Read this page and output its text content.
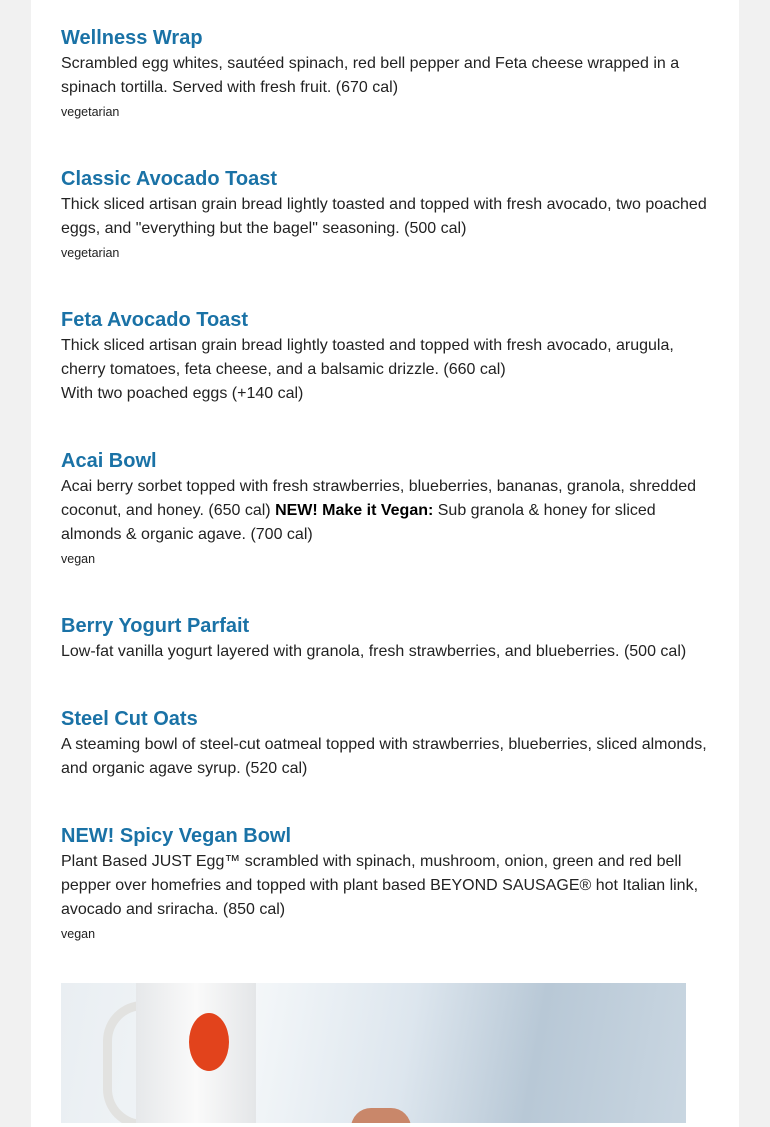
Wellness Wrap

Scrambled egg whites, sautéed spinach, red bell pepper and Feta cheese wrapped in a spinach tortilla. Served with fresh fruit. (670 cal)

vegetarian
Classic Avocado Toast

Thick sliced artisan grain bread lightly toasted and topped with fresh avocado, two poached eggs, and "everything but the bagel" seasoning. (500 cal)

vegetarian
Feta Avocado Toast

Thick sliced artisan grain bread lightly toasted and topped with fresh avocado, arugula, cherry tomatoes, feta cheese, and a balsamic drizzle. (660 cal)

With two poached eggs (+140 cal)

Acai Bowl

Acai berry sorbet topped with fresh strawberries, blueberries, bananas, granola, shredded coconut, and honey. (650 cal) NEW! Make it Vegan: Sub granola & honey for sliced almonds & organic agave. (700 cal)

vegan
Berry Yogurt Parfait

Low-fat vanilla yogurt layered with granola, fresh strawberries, and blueberries. (500 cal)

Steel Cut Oats

A steaming bowl of steel-cut oatmeal topped with strawberries, blueberries, sliced almonds, and organic agave syrup. (520 cal)

NEW! Spicy Vegan Bowl

Plant Based JUST Egg™ scrambled with spinach, mushroom, onion, green and red bell pepper over homefries and topped with plant based BEYOND SAUSAGE® hot Italian link, avocado and sriracha. (850 cal)

vegan
